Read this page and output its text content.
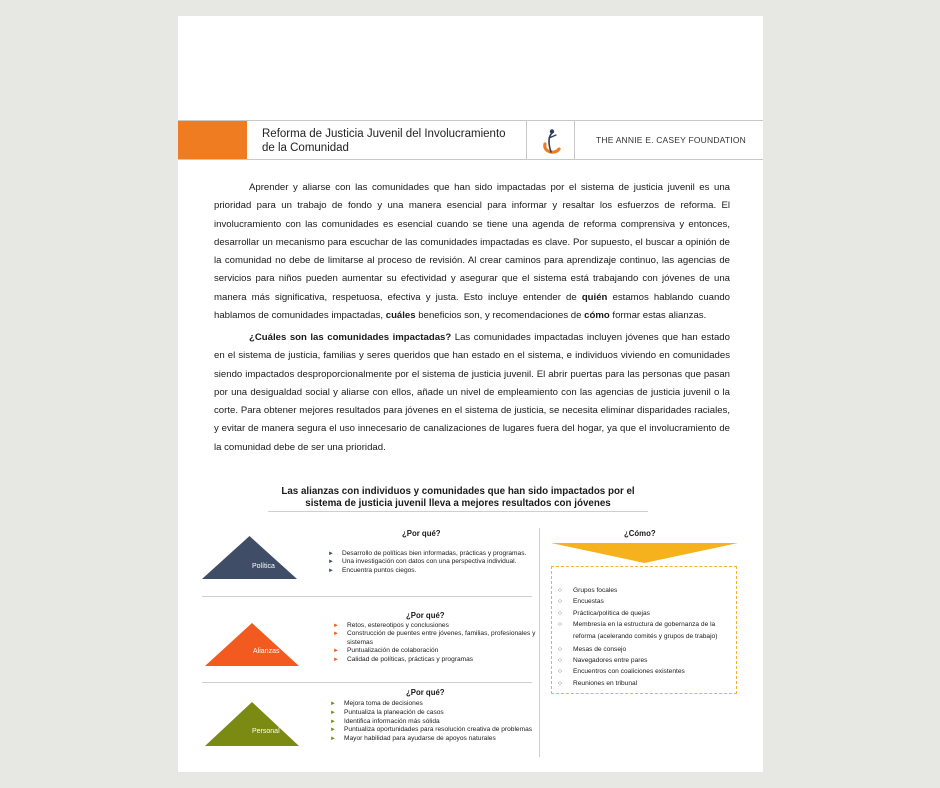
Reforma de Justicia Juvenil del Involucramiento
de la Comunidad
THE ANNIE E. CASEY FOUNDATION

Aprender y aliarse con las comunidades que han sido impactadas por el sistema de justicia juvenil es una prioridad para un trabajo de fondo y una manera esencial para informar y resaltar los esfuerzos de reforma. El involucramiento con las comunidades es esencial cuando se tiene una agenda de reforma comprensiva y entonces, desarrollar un mecanismo para escuchar de las comunidades impactadas es clave. Por supuesto, el buscar a opinión de la comunidad no debe de limitarse al proceso de revisión. Al crear caminos para aprendizaje continuo, las agencias de servicios para niños pueden aumentar su efectividad y asegurar que el sistema está trabajando con jóvenes de una manera más significativa, respetuosa, efectiva y justa. Esto incluye entender de quién estamos hablando cuando hablamos de comunidades impactadas, cuáles beneficios son, y recomendaciones de cómo formar estas alianzas.

¿Cuáles son las comunidades impactadas? Las comunidades impactadas incluyen jóvenes que han estado en el sistema de justicia, familias y seres queridos que han estado en el sistema, e individuos viviendo en comunidades siendo impactados desproporcionalmente por el sistema de justicia juvenil. El abrir puertas para las personas que pasan por una desigualdad social y aliarse con ellos, añade un nivel de empleamiento con las agencias de justicia juvenil o la corte. Para obtener mejores resultados para jóvenes en el sistema de justicia, se necesita eliminar disparidades raciales, y evitar de manera segura el uso innecesario de canalizaciones de lugares fuera del hogar, ya que el involucramiento de la comunidad debe de ser una prioridad.

Las alianzas con individuos y comunidades que han sido impactados por el
sistema de justicia juvenil lleva a mejores resultados con jóvenes
¿Por qué?
Política
► Desarrollo de políticas bien informadas, prácticas y programas.
► Una investigación con datos con una perspectiva individual.
► Encuentra puntos ciegos.
¿Por qué?
Alianzas
► Retos, estereotipos y conclusiones
► Construcción de puentes entre jóvenes, familias, profesionales y sistemas
► Puntualización de colaboración
► Calidad de políticas, prácticas y programas
¿Por qué?
Personal
► Mejora toma de decisiones
► Puntualiza la planeación de casos
► Identifica información más sólida
► Puntualiza oportunidades para resolución creativa de problemas
► Mayor habilidad para ayudarse de apoyos naturales
¿Cómo?
○ Grupos focales
○ Encuestas
○ Práctica/política de quejas
○ Membresía en la estructura de gobernanza de la reforma (acelerando comités y grupos de trabajo)
○ Mesas de consejo
○ Navegadores entre pares
○ Encuentros con coaliciones existentes
○ Reuniones en tribunal
